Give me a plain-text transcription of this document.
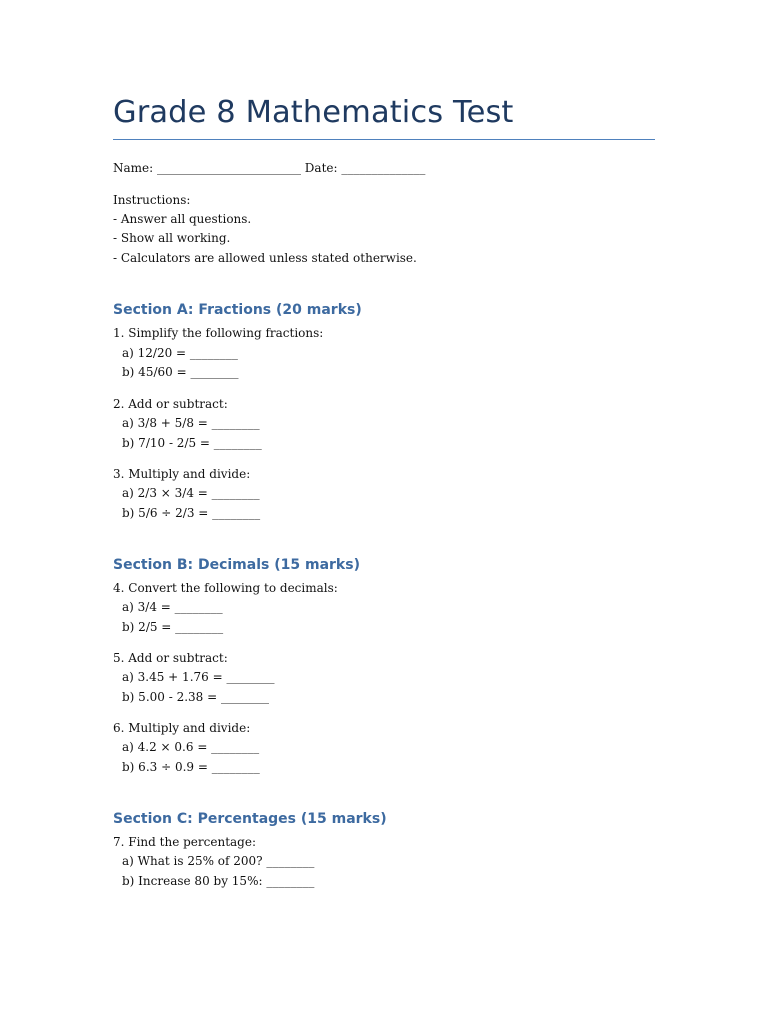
Grade 8 Mathematics Test
Name: ________________________ Date: ______________
Instructions:
- Answer all questions.
- Show all working.
- Calculators are allowed unless stated otherwise.
Section A: Fractions (20 marks)
1. Simplify the following fractions:
a) 12/20 = ________
b) 45/60 = ________
2. Add or subtract:
a) 3/8 + 5/8 = ________
b) 7/10 - 2/5 = ________
3. Multiply and divide:
a) 2/3 × 3/4 = ________
b) 5/6 ÷ 2/3 = ________
Section B: Decimals (15 marks)
4. Convert the following to decimals:
a) 3/4 = ________
b) 2/5 = ________
5. Add or subtract:
a) 3.45 + 1.76 = ________
b) 5.00 - 2.38 = ________
6. Multiply and divide:
a) 4.2 × 0.6 = ________
b) 6.3 ÷ 0.9 = ________
Section C: Percentages (15 marks)
7. Find the percentage:
a) What is 25% of 200? ________
b) Increase 80 by 15%: ________
